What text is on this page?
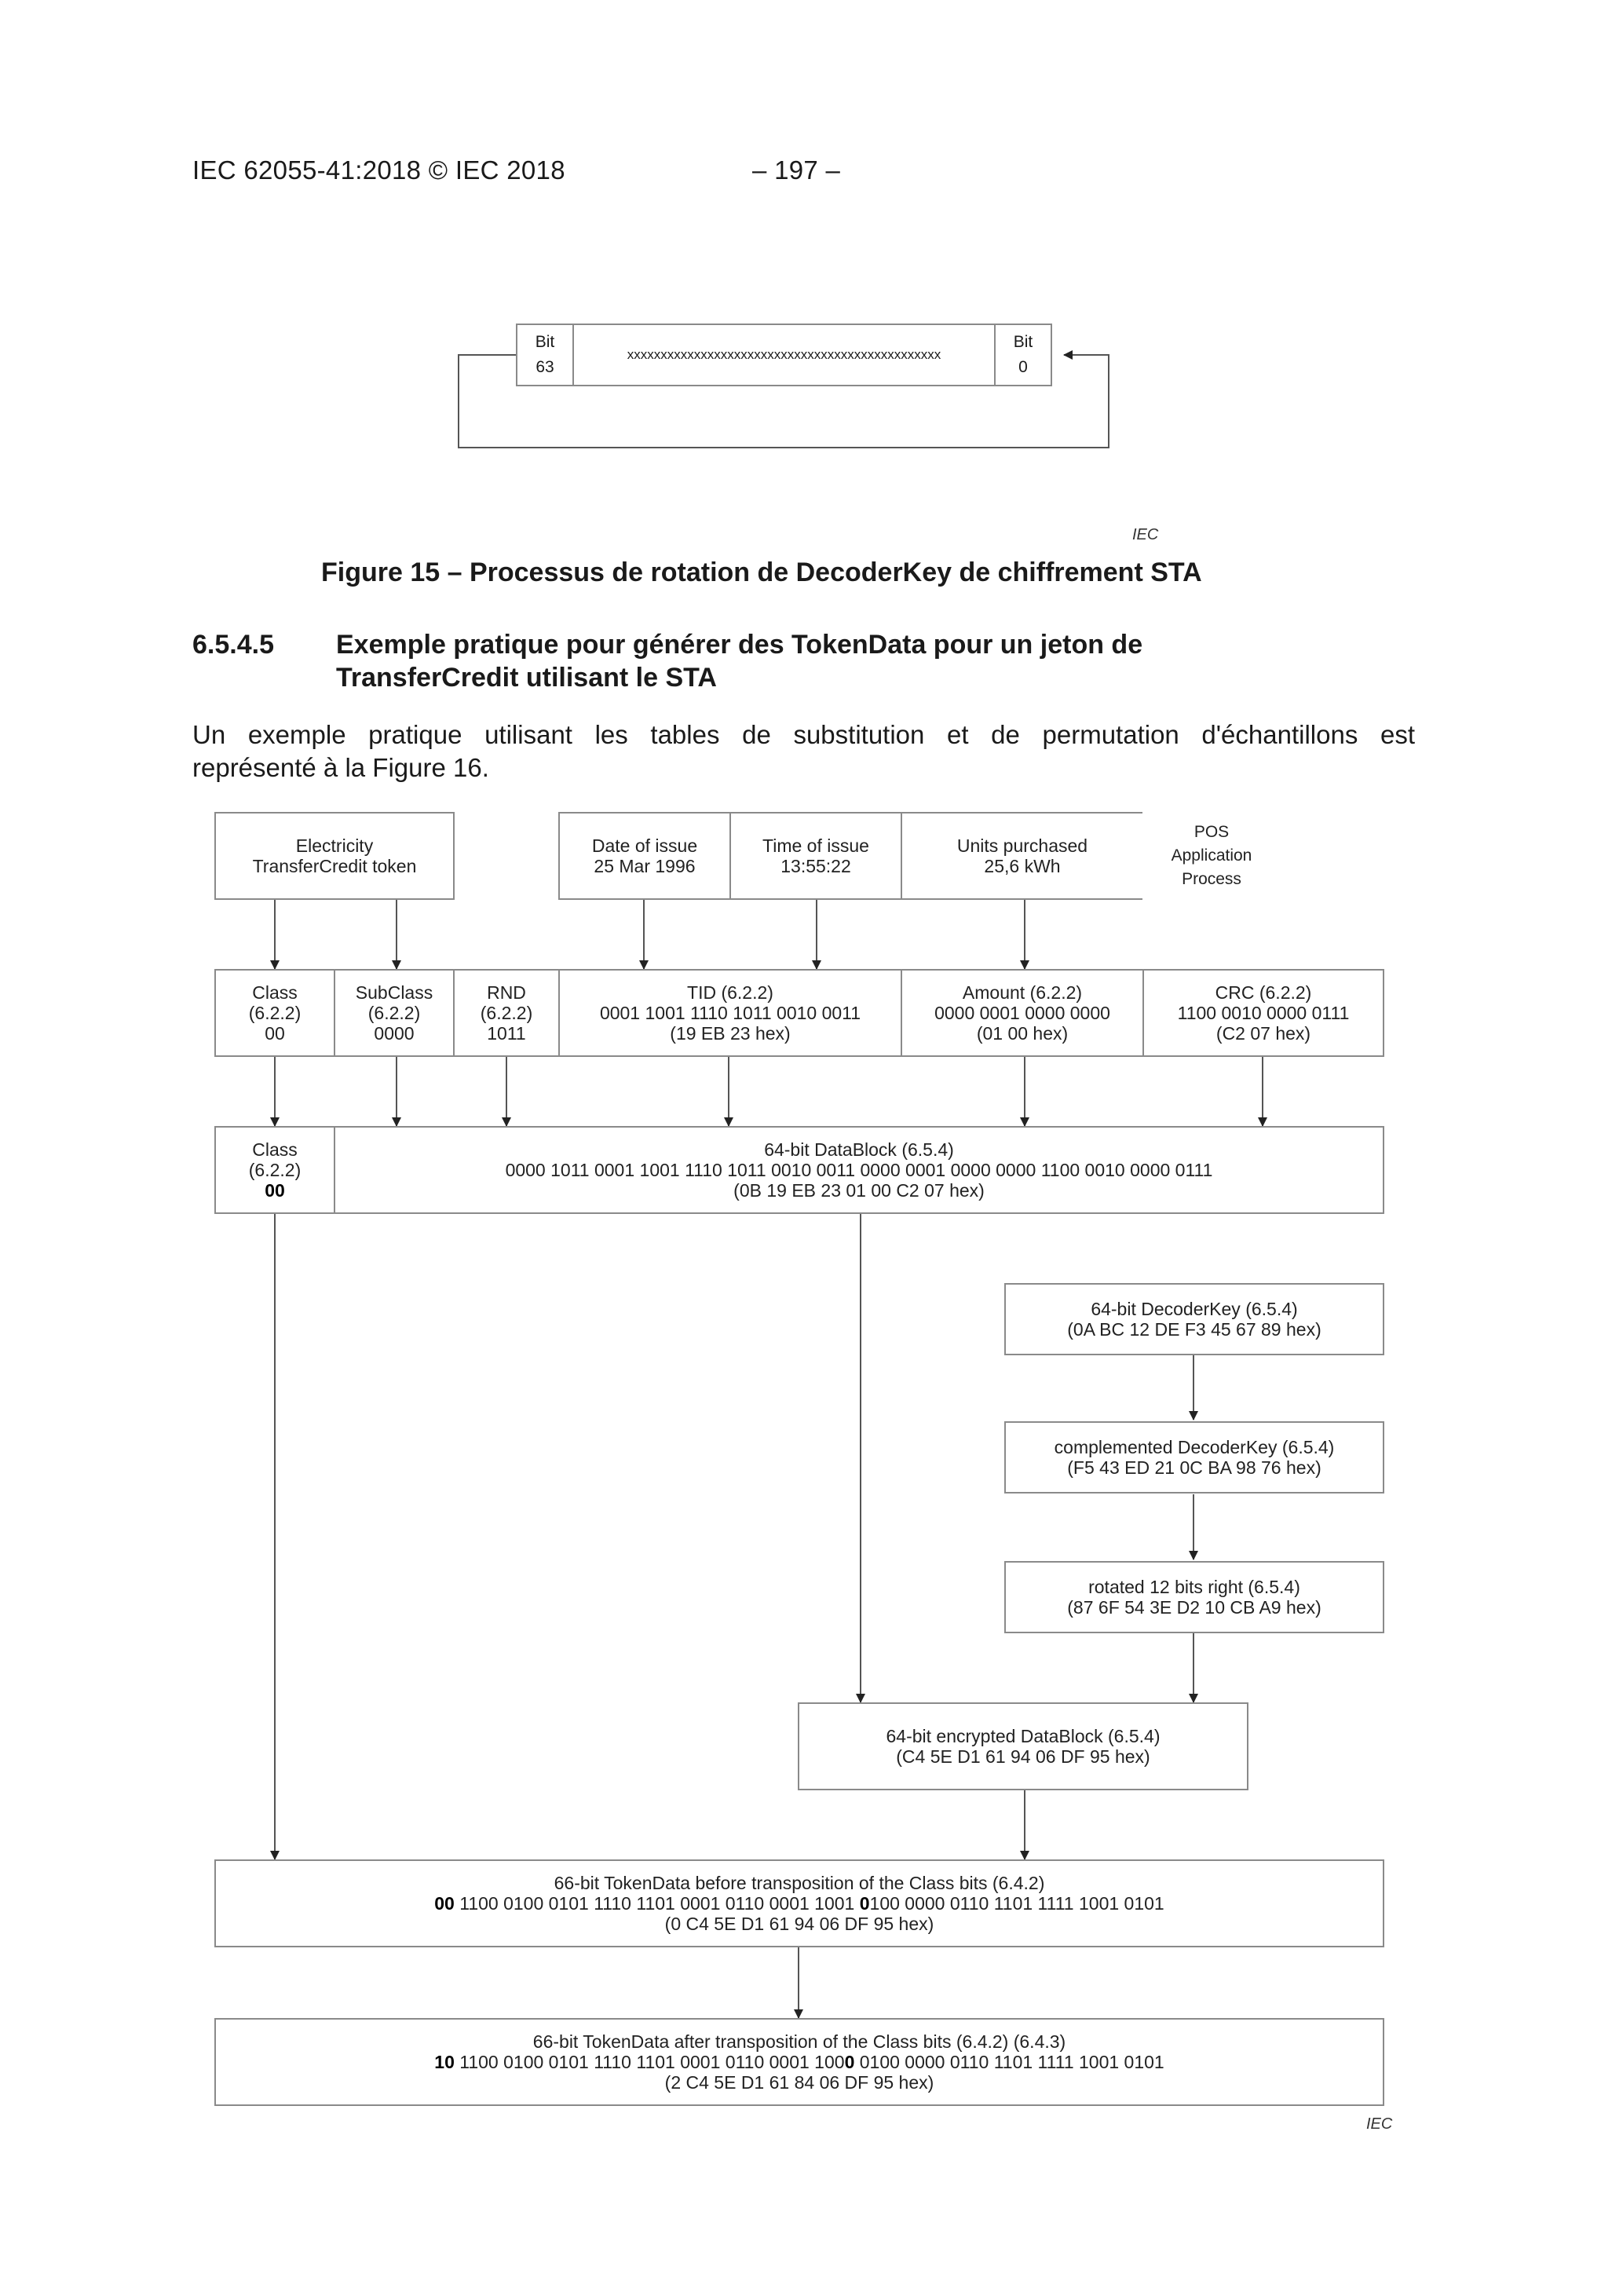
IEC 62055-41:2018 © IEC 2018	– 197 –
Bit
63
xxxxxxxxxxxxxxxxxxxxxxxxxxxxxxxxxxxxxxxxxxxxxxx
Bit
0
IEC
Figure 15 – Processus de rotation de DecoderKey de chiffrement STA
6.5.4.5 Exemple pratique pour générer des TokenData pour un jeton de
TransferCredit utilisant le STA
Un exemple pratique utilisant les tables de substitution et de permutation d'échantillons est
représenté à la Figure 16.
Electricity
TransferCredit token
Date of issue
25 Mar 1996
Time of issue
13:55:22
Units purchased
25,6 kWh
POS
Application
Process
Class
(6.2.2)
00
SubClass
(6.2.2)
0000
RND
(6.2.2)
1011
TID (6.2.2)
0001 1001 1110 1011 0010 0011
(19 EB 23 hex)
Amount (6.2.2)
0000 0001 0000 0000
(01 00 hex)
CRC (6.2.2)
1100 0010 0000 0111
(C2 07 hex)
Class
(6.2.2)
00
64-bit DataBlock (6.5.4)
0000 1011 0001 1001 1110 1011 0010 0011 0000 0001 0000 0000 1100 0010 0000 0111
(0B 19 EB 23 01 00 C2 07 hex)
64-bit DecoderKey (6.5.4)
(0A BC 12 DE F3 45 67 89 hex)
complemented DecoderKey (6.5.4)
(F5 43 ED 21 0C BA 98 76 hex)
rotated 12 bits right (6.5.4)
(87 6F 54 3E D2 10 CB A9 hex)
64-bit encrypted DataBlock (6.5.4)
(C4 5E D1 61 94 06 DF 95 hex)
66-bit TokenData before transposition of the Class bits (6.4.2)
00 1100 0100 0101 1110 1101 0001 0110 0001 1001 0100 0000 0110 1101 1111 1001 0101
(0 C4 5E D1 61 94 06 DF 95 hex)
66-bit TokenData after transposition of the Class bits (6.4.2) (6.4.3)
10 1100 0100 0101 1110 1101 0001 0110 0001 1000 0100 0000 0110 1101 1111 1001 0101
(2 C4 5E D1 61 84 06 DF 95 hex)
IEC
